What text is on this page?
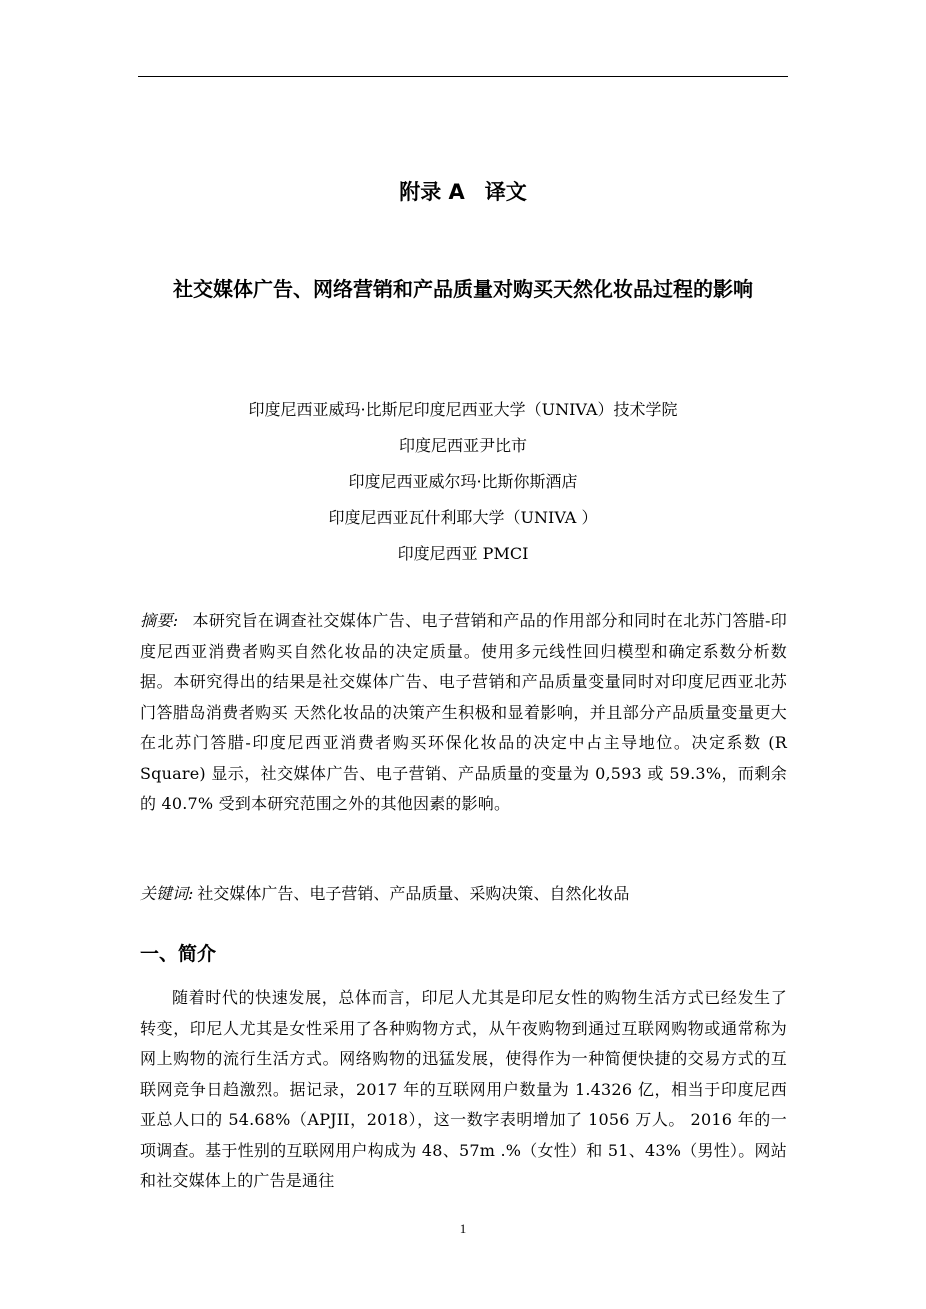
附录 A 译文
社交媒体广告、网络营销和产品质量对购买天然化妆品过程的影响
印度尼西亚威玛·比斯尼印度尼西亚大学（UNIVA）技术学院
印度尼西亚尹比市
印度尼西亚威尔玛·比斯你斯酒店
印度尼西亚瓦什利耶大学（UNIVA ）
印度尼西亚 PMCI
摘要: 本研究旨在调查社交媒体广告、电子营销和产品的作用部分和同时在北苏门答腊-印度尼西亚消费者购买自然化妆品的决定质量。使用多元线性回归模型和确定系数分析数据。本研究得出的结果是社交媒体广告、电子营销和产品质量变量同时对印度尼西亚北苏门答腊岛消费者购买 天然化妆品的决策产生积极和显着影响，并且部分产品质量变量更大在北苏门答腊-印度尼西亚消费者购买环保化妆品的决定中占主导地位。决定系数 (R Square) 显示，社交媒体广告、电子营销、产品质量的变量为 0,593 或 59.3%，而剩余的 40.7% 受到本研究范围之外的其他因素的影响。
关键词: 社交媒体广告、电子营销、产品质量、采购决策、自然化妆品
一、简介
随着时代的快速发展，总体而言，印尼人尤其是印尼女性的购物生活方式已经发生了转变，印尼人尤其是女性采用了各种购物方式，从午夜购物到通过互联网购物或通常称为网上购物的流行生活方式。网络购物的迅猛发展，使得作为一种简便快捷的交易方式的互联网竞争日趋激烈。据记录，2017 年的互联网用户数量为 1.4326 亿，相当于印度尼西亚总人口的 54.68%（APJII，2018），这一数字表明增加了 1056 万人。 2016 年的一项调查。基于性别的互联网用户构成为 48、57m .%（女性）和 51、43%（男性）。网站和社交媒体上的广告是通往
1
